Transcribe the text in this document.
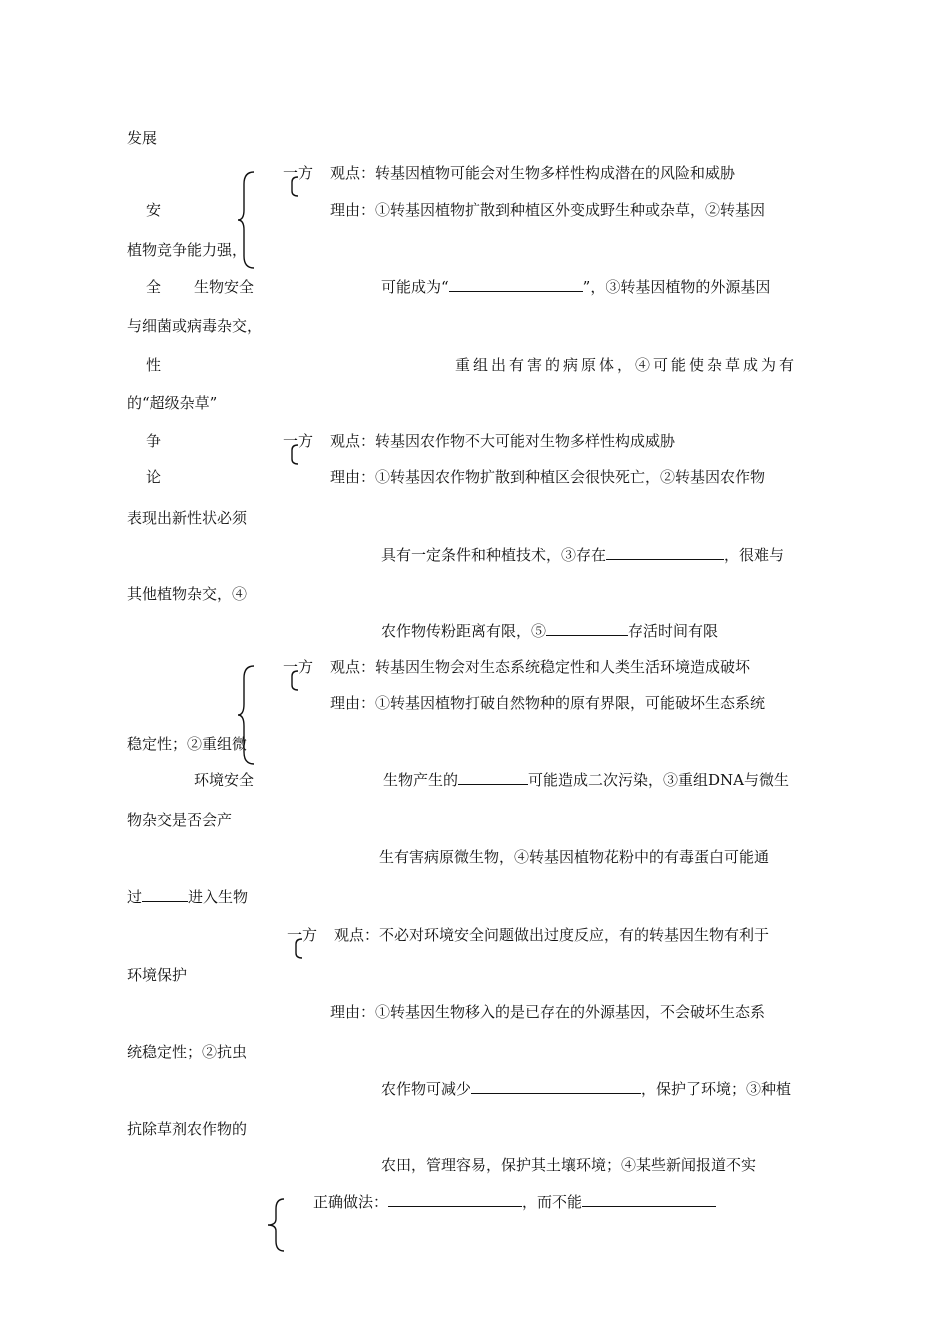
发展
安
全 生物安全
性
争
论
环境安全
一方 观点：转基因植物可能会对生物多样性构成潜在的风险和威胁
理由：①转基因植物扩散到种植区外变成野生种或杂草，②转基因
植物竞争能力强，
可能成为“	”，③转基因植物的外源基因
与细菌或病毒杂交，
重组出有害的病原体，④可能使杂草成为有
的“超级杂草”
一方 观点：转基因农作物不大可能对生物多样性构成威胁
理由：①转基因农作物扩散到种植区会很快死亡，②转基因农作物
表现出新性状必须
具有一定条件和种植技术，③存在	，很难与
其他植物杂交，④
农作物传粉距离有限，⑤	存活时间有限
一方 观点：转基因生物会对生态系统稳定性和人类生活环境造成破坏
理由：①转基因植物打破自然物种的原有界限，可能破坏生态系统
稳定性；②重组微
生物产生的	可能造成二次污染，③重组DNA与微生
物杂交是否会产
生有害病原微生物，④转基因植物花粉中的有毒蛋白可能通
过	进入生物
一方 观点：不必对环境安全问题做出过度反应，有的转基因生物有利于
环境保护
理由：①转基因生物移入的是已存在的外源基因，不会破坏生态系
统稳定性；②抗虫
农作物可减少	，保护了环境；③种植
抗除草剂农作物的
农田，管理容易，保护其土壤环境；④某些新闻报道不实
正确做法：	，而不能
